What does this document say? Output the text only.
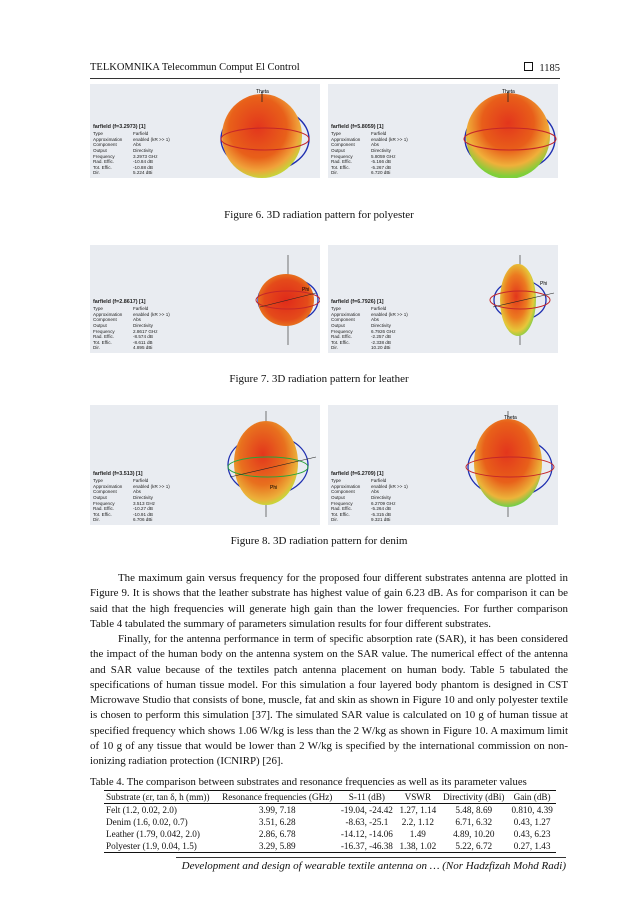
TELKOMNIKA Telecommun Comput El Control	1185
Theta
farfield (f=3.2973) [1]
Type	Farfield
Approximation	enabled (kR >> 1)
Component	Abs
Output	Directivity
Frequency	3.2973 GHz
Rad. Effic.	-10.84 dB
Tot. Effic.	-10.88 dB
Dir.	5.224 dBi
Theta
farfield (f=5.8059) [1]
Type	Farfield
Approximation	enabled (kR >> 1)
Component	Abs
Output	Directivity
Frequency	5.8059 GHz
Rad. Effic.	-5.166 dB
Tot. Effic.	-5.267 dB
Dir.	6.720 dBi
Figure 6. 3D radiation pattern for polyester
Phi
farfield (f=2.8617) [1]
Type	Farfield
Approximation	enabled (kR >> 1)
Component	Abs
Output	Directivity
Frequency	2.8617 GHz
Rad. Effic.	-8.574 dB
Tot. Effic.	-8.611 dB
Dir.	4.895 dBi
Phi
farfield (f=6.7926) [1]
Type	Farfield
Approximation	enabled (kR >> 1)
Component	Abs
Output	Directivity
Frequency	6.7926 GHz
Rad. Effic.	-2.257 dB
Tot. Effic.	-2.338 dB
Dir.	10.20 dBi
Figure 7. 3D radiation pattern for leather
Phi
farfield (f=3.513) [1]
Type	Farfield
Approximation	enabled (kR >> 1)
Component	Abs
Output	Directivity
Frequency	3.513 GHz
Rad. Effic.	-10.27 dB
Tot. Effic.	-10.91 dB
Dir.	6.706 dBi
Theta
farfield (f=6.2709) [1]
Type	Farfield
Approximation	enabled (kR >> 1)
Component	Abs
Output	Directivity
Frequency	6.2709 GHz
Rad. Effic.	-5.264 dB
Tot. Effic.	-5.315 dB
Dir.	9.321 dBi
Figure 8. 3D radiation pattern for denim
The maximum gain versus frequency for the proposed four different substrates antenna are plotted in Figure 9. It is shows that the leather substrate has highest value of gain 6.23 dB. As for comparison it can be said that the high frequencies will generate high gain than the lower frequencies. For further comparison Table 4 tabulated the summary of parameters simulation results for four different substrates.
Finally, for the antenna performance in term of specific absorption rate (SAR), it has been considered the impact of the human body on the antenna system on the SAR value. The numerical effect of the antenna and SAR value because of the textiles patch antenna placement on human body. Table 5 tabulated the specifications of human tissue model. For this simulation a four layered body phantom is designed in CST Microwave Studio that consists of bone, muscle, fat and skin as shown in Figure 10 and only polyester textile is chosen to perform this simulation [37]. The simulated SAR value is calculated on 10 g of human tissue at specified frequency which shows 1.06 W/kg is less than the 2 W/kg as shown in Figure 10. A maximum limit of 10 g of any tissue that would be lower than 2 W/kg is specified by the international commission on non-ionizing radiation protection (ICNIRP) [26].
Table 4. The comparison between substrates and resonance frequencies as well as its parameter values
Substrate (εr, tan δ, h (mm))	Resonance frequencies (GHz)	S-11 (dB)	VSWR	Directivity (dBi)	Gain (dB)
Felt (1.2, 0.02, 2.0)	3.99, 7.18	-19.04, -24.42	1.27, 1.14	5.48, 8.69	0.810, 4.39
Denim (1.6, 0.02, 0.7)	3.51, 6.28	-8.63, -25.1	2.2, 1.12	6.71, 6.32	0.43, 1.27
Leather (1.79, 0.042, 2.0)	2.86, 6.78	-14.12, -14.06	1.49	4.89, 10.20	0.43, 6.23
Polyester (1.9, 0.04, 1.5)	3.29, 5.89	-16.37, -46.38	1.38, 1.02	5.22, 6.72	0.27, 1.43
Development and design of wearable textile antenna on … (Nor Hadzfizah Mohd Radi)
